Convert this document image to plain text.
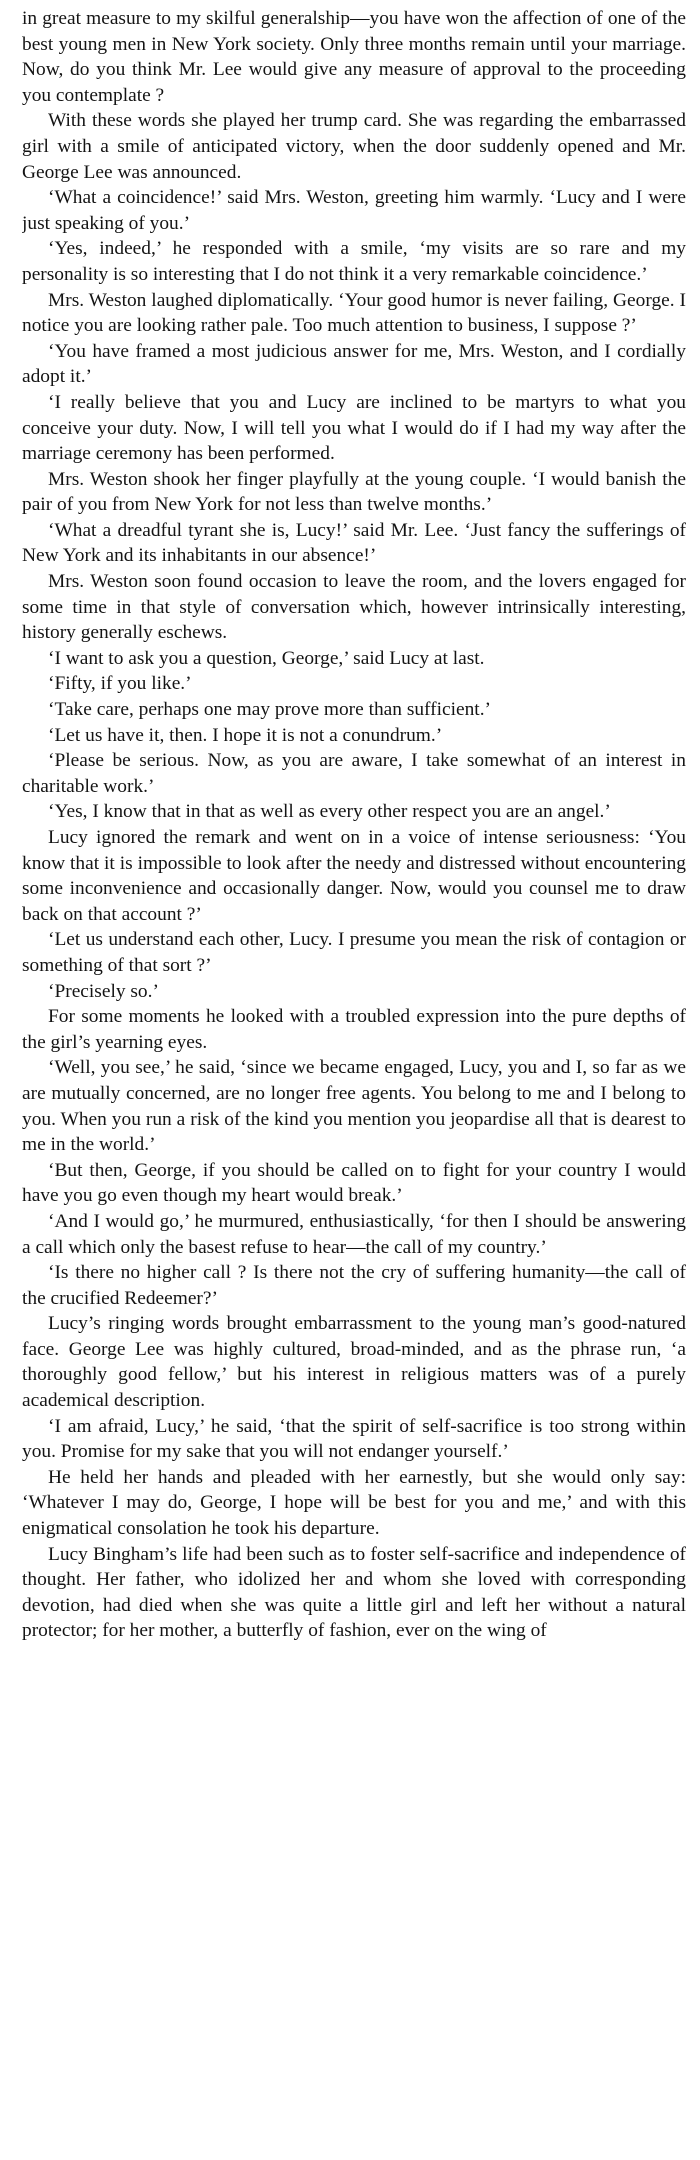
in great measure to my skilful generalship—you have won the affection of one of the best young men in New York society. Only three months remain until your marriage. Now, do you think Mr. Lee would give any measure of approval to the proceeding you contemplate ?

With these words she played her trump card. She was regarding the embarrassed girl with a smile of anticipated victory, when the door suddenly opened and Mr. George Lee was announced.

‘What a coincidence!’ said Mrs. Weston, greeting him warmly. ‘Lucy and I were just speaking of you.’

‘Yes, indeed,’ he responded with a smile, ‘my visits are so rare and my personality is so interesting that I do not think it a very remarkable coincidence.’

Mrs. Weston laughed diplomatically. ‘Your good humor is never failing, George. I notice you are looking rather pale. Too much attention to business, I suppose ?’

‘You have framed a most judicious answer for me, Mrs. Weston, and I cordially adopt it.’

‘I really believe that you and Lucy are inclined to be martyrs to what you conceive your duty. Now, I will tell you what I would do if I had my way after the marriage ceremony has been performed.

Mrs. Weston shook her finger playfully at the young couple. ‘I would banish the pair of you from New York for not less than twelve months.’

‘What a dreadful tyrant she is, Lucy!’ said Mr. Lee. ‘Just fancy the sufferings of New York and its inhabitants in our absence!’

Mrs. Weston soon found occasion to leave the room, and the lovers engaged for some time in that style of conversation which, however intrinsically interesting, history generally eschews.

‘I want to ask you a question, George,’ said Lucy at last.

‘Fifty, if you like.’

‘Take care, perhaps one may prove more than sufficient.’

‘Let us have it, then. I hope it is not a conundrum.’

‘Please be serious. Now, as you are aware, I take somewhat of an interest in charitable work.’

‘Yes, I know that in that as well as every other respect you are an angel.’

Lucy ignored the remark and went on in a voice of intense seriousness: ‘You know that it is impossible to look after the needy and distressed without encountering some inconvenience and occasionally danger. Now, would you counsel me to draw back on that account ?’

‘Let us understand each other, Lucy. I presume you mean the risk of contagion or something of that sort ?’

‘Precisely so.’

For some moments he looked with a troubled expression into the pure depths of the girl’s yearning eyes.

‘Well, you see,’ he said, ‘since we became engaged, Lucy, you and I, so far as we are mutually concerned, are no longer free agents. You belong to me and I belong to you. When you run a risk of the kind you mention you jeopardise all that is dearest to me in the world.’

‘But then, George, if you should be called on to fight for your country I would have you go even though my heart would break.’

‘And I would go,’ he murmured, enthusiastically, ‘for then I should be answering a call which only the basest refuse to hear—the call of my country.’

‘Is there no higher call ? Is there not the cry of suffering humanity—the call of the crucified Redeemer?’

Lucy’s ringing words brought embarrassment to the young man’s good-natured face. George Lee was highly cultured, broad-minded, and as the phrase run, ‘a thoroughly good fellow,’ but his interest in religious matters was of a purely academical description.

‘I am afraid, Lucy,’ he said, ‘that the spirit of self-sacrifice is too strong within you. Promise for my sake that you will not endanger yourself.’

He held her hands and pleaded with her earnestly, but she would only say: ‘Whatever I may do, George, I hope will be best for you and me,’ and with this enigmatical consolation he took his departure.

Lucy Bingham’s life had been such as to foster self-sacrifice and independence of thought. Her father, who idolized her and whom she loved with corresponding devotion, had died when she was quite a little girl and left her without a natural protector; for her mother, a butterfly of fashion, ever on the wing of
